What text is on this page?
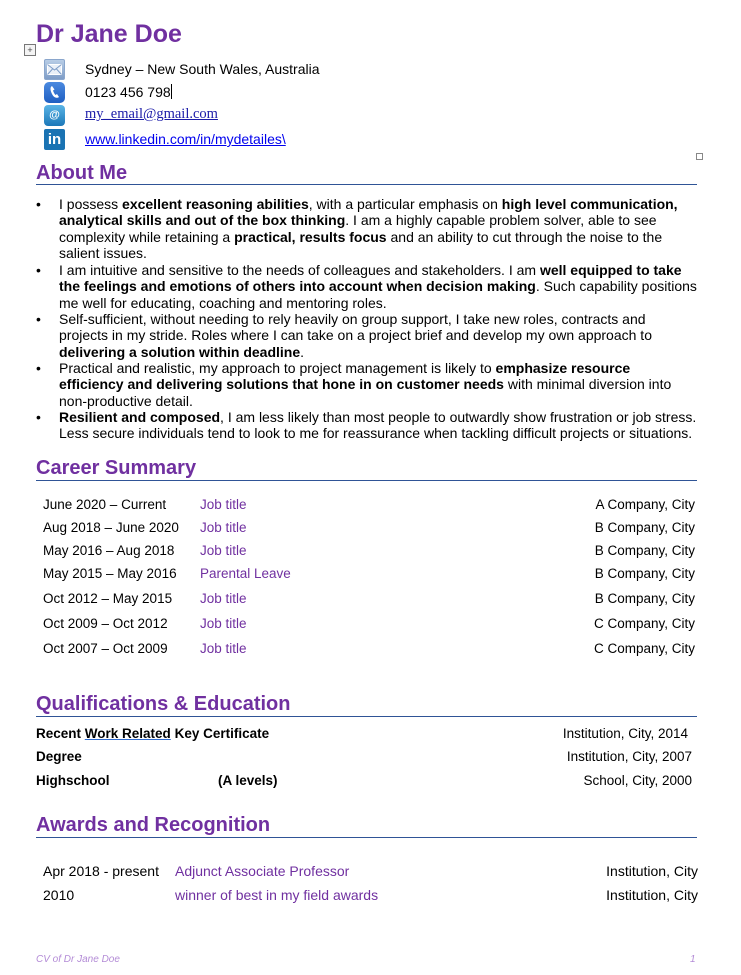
Dr Jane Doe
+
Sydney – New South Wales, Australia
0123 456 798
@	my_email@gmail.com
in www.linkedin.com/in/mydetailes\
About Me
• I possess excellent reasoning abilities, with a particular emphasis on high level communication, analytical skills and out of the box thinking. I am a highly capable problem solver, able to see complexity while retaining a practical, results focus and an ability to cut through the noise to the salient issues.
• I am intuitive and sensitive to the needs of colleagues and stakeholders. I am well equipped to take the feelings and emotions of others into account when decision making. Such capability positions me well for educating, coaching and mentoring roles.
• Self-sufficient, without needing to rely heavily on group support, I take new roles, contracts and projects in my stride. Roles where I can take on a project brief and develop my own approach to delivering a solution within deadline.
• Practical and realistic, my approach to project management is likely to emphasize resource efficiency and delivering solutions that hone in on customer needs with minimal diversion into non-productive detail.
• Resilient and composed, I am less likely than most people to outwardly show frustration or job stress. Less secure individuals tend to look to me for reassurance when tackling difficult projects or situations.
Career Summary
June 2020 – Current	Job title	A Company, City
Aug 2018 – June 2020 Job title	B Company, City
May 2016 – Aug 2018 Job title	B Company, City
May 2015 – May 2016 Parental Leave	B Company, City
Oct 2012 – May 2015 Job title	B Company, City
Oct 2009 – Oct 2012 Job title	C Company, City
Oct 2007 – Oct 2009 Job title	C Company, City
Qualifications & Education
Recent Work Related Key Certificate	Institution, City, 2014
Degree	Institution, City, 2007
Highschool	(A levels)	School, City, 2000
Awards and Recognition
Apr 2018 - present Adjunct Associate Professor	Institution, City
2010	winner of best in my field awards	Institution, City
CV of Dr Jane Doe	1
